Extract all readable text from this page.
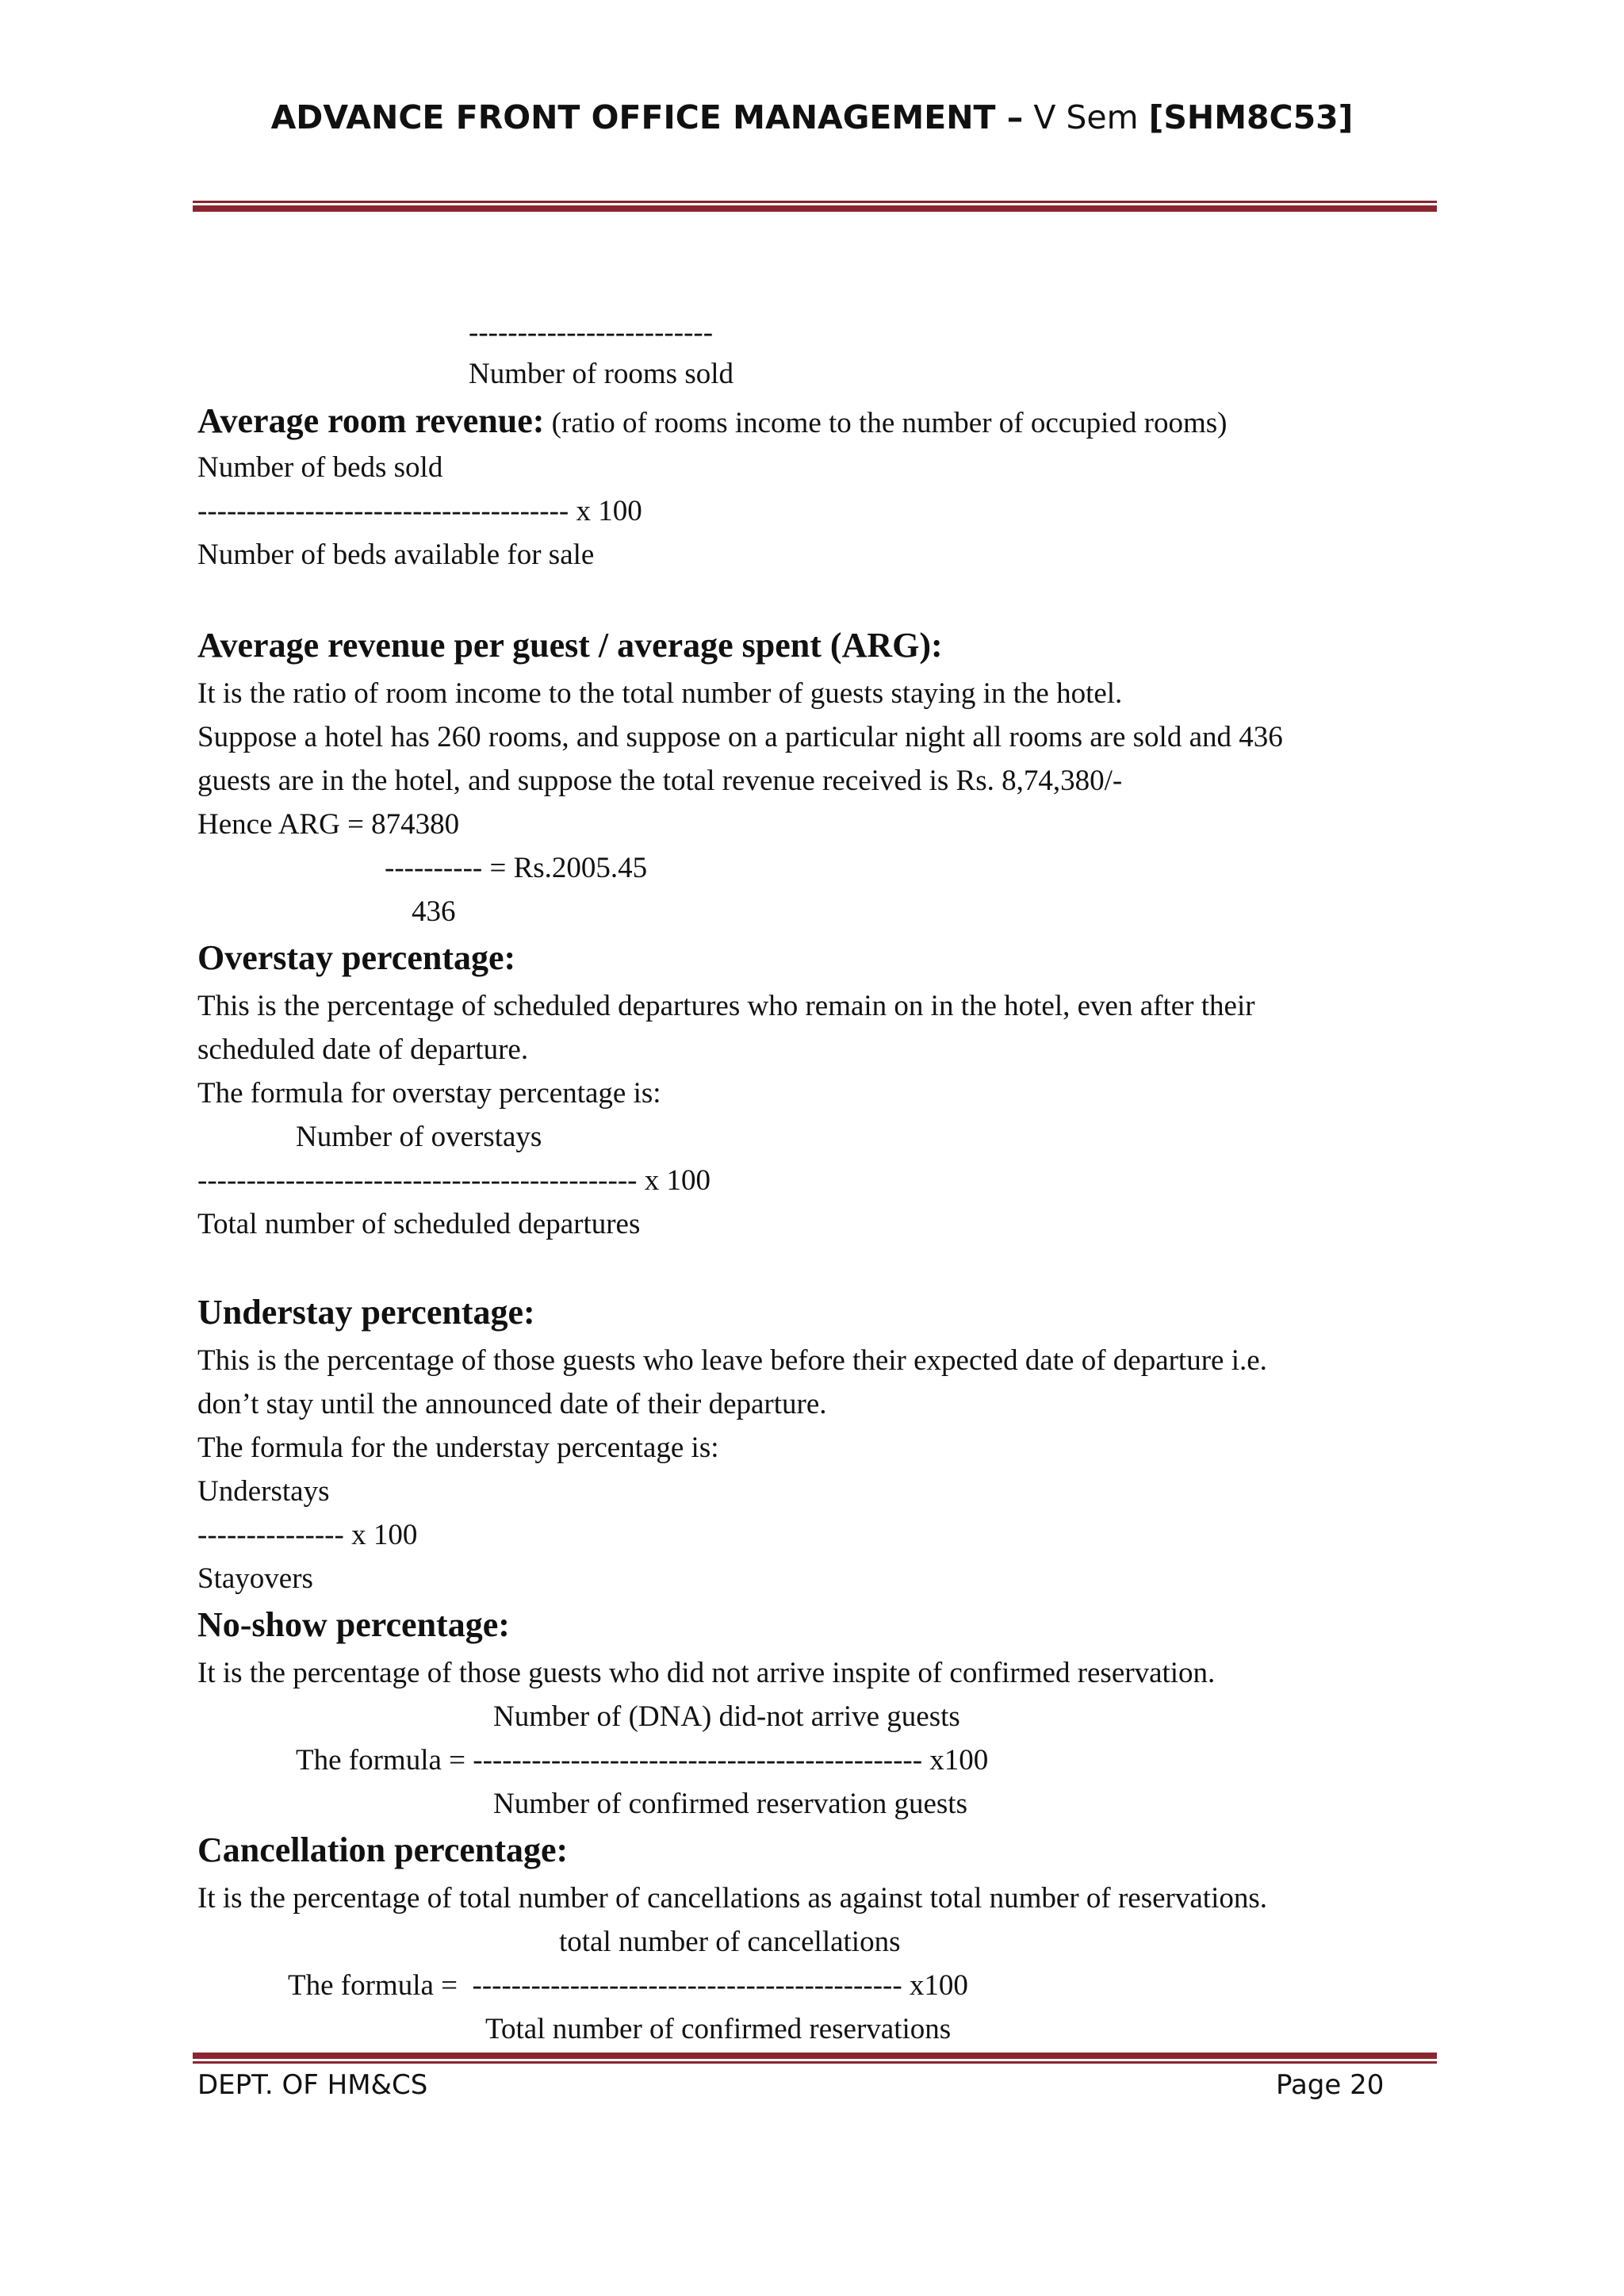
ADVANCE FRONT OFFICE MANAGEMENT – V Sem [SHM8C53]

-------------------------

Number of rooms sold

Average room revenue: (ratio of rooms income to the number of occupied rooms)

Number of beds sold

-------------------------------------- x 100

Number of beds available for sale

Average revenue per guest / average spent (ARG):

It is the ratio of room income to the total number of guests staying in the hotel.

Suppose a hotel has 260 rooms, and suppose on a particular night all rooms are sold and 436

guests are in the hotel, and suppose the total revenue received is Rs. 8,74,380/-

Hence ARG = 874380

---------- = Rs.2005.45

436

Overstay percentage:

This is the percentage of scheduled departures who remain on in the hotel, even after their

scheduled date of departure.

The formula for overstay percentage is:

Number of overstays

--------------------------------------------- x 100

Total number of scheduled departures

Understay percentage:

This is the percentage of those guests who leave before their expected date of departure i.e.

don’t stay until the announced date of their departure.

The formula for the understay percentage is:

Understays

--------------- x 100

Stayovers

No-show percentage:

It is the percentage of those guests who did not arrive inspite of confirmed reservation.

Number of (DNA) did-not arrive guests

The formula = ---------------------------------------------- x100

Number of confirmed reservation guests

Cancellation percentage:

It is the percentage of total number of cancellations as against total number of reservations.

total number of cancellations

The formula =  -------------------------------------------- x100

Total number of confirmed reservations

DEPT. OF HM&CS	Page 20
